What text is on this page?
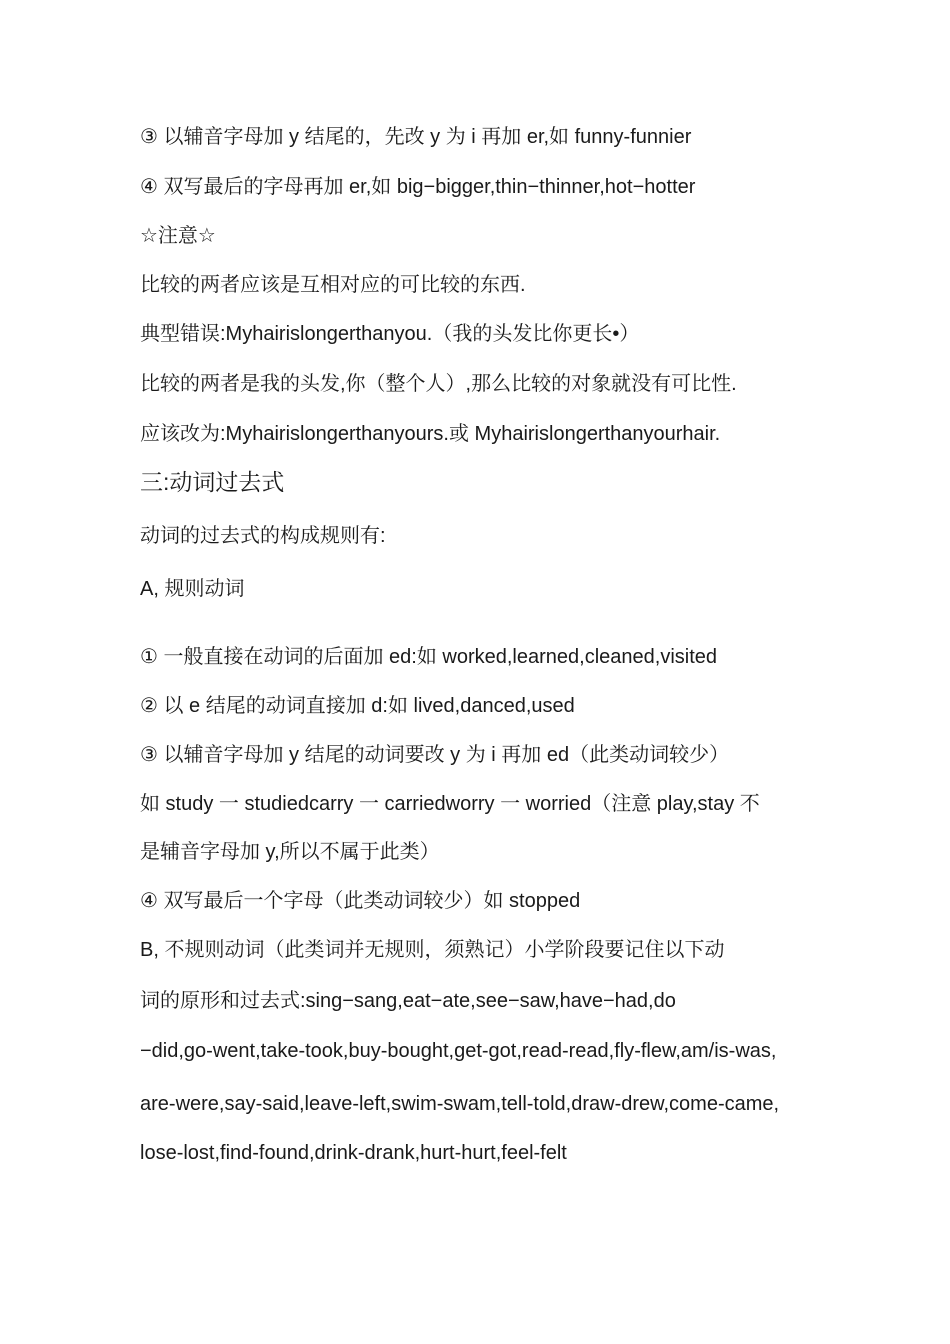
③ 以辅音字母加 y 结尾的，先改 y 为 i 再加 er,如 funny-funnier
④ 双写最后的字母再加 er,如 big−bigger,thin−thinner,hot−hotter
☆注意☆
比较的两者应该是互相对应的可比较的东西.
典型错误:Myhairislongerthanyou.（我的头发比你更长•）
比较的两者是我的头发,你（整个人）,那么比较的对象就没有可比性.
应该改为:Myhairislongerthanyours.或 Myhairislongerthanyourhair.
三:动词过去式
动词的过去式的构成规则有:
A, 规则动词
① 一般直接在动词的后面加 ed:如 worked,learned,cleaned,visited
② 以 e 结尾的动词直接加 d:如 lived,danced,used
③ 以辅音字母加 y 结尾的动词要改 y 为 i 再加 ed（此类动词较少）
如 study 一 studiedcarry 一 carriedworry 一 worried（注意 play,stay 不
是辅音字母加 y,所以不属于此类）
④ 双写最后一个字母（此类动词较少）如 stopped
B, 不规则动词（此类词并无规则，须熟记）小学阶段要记住以下动
词的原形和过去式:sing−sang,eat−ate,see−saw,have−had,do
−did,go-went,take-took,buy-bought,get-got,read-read,fly-flew,am/is-was,
are-were,say-said,leave-left,swim-swam,tell-told,draw-drew,come-came,
lose-lost,find-found,drink-drank,hurt-hurt,feel-felt
